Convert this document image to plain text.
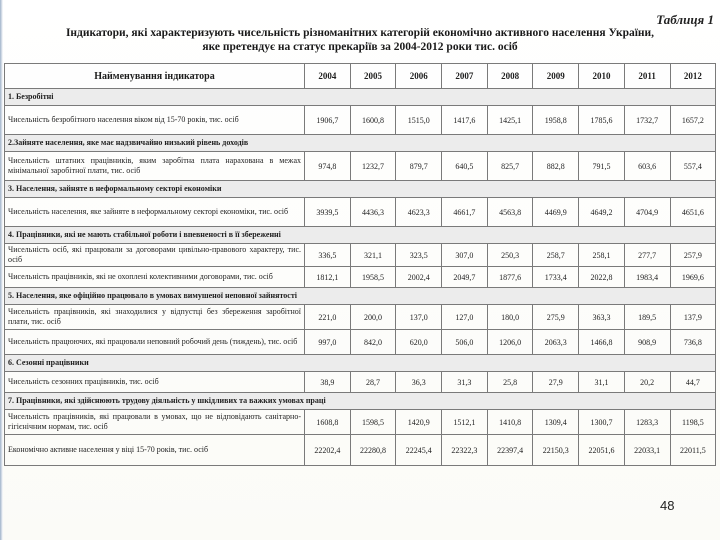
Таблиця 1
Індикатори, які характеризують чисельність різноманітних категорій економічно активного населення України,
яке претендує на статус прекаріїв за 2004-2012 роки тис. осіб
Найменування індикатора	2004	2005	2006	2007	2008	2009	2010	2011	2012
1. Безробітні									
Чисельність безробітного населення віком від 15-70 років, тис. осіб	1906,7	1600,8	1515,0	1417,6	1425,1	1958,8	1785,6	1732,7	1657,2
2.Зайняте населення, яке має надзвичайно низький рівень доходів									
Чисельність штатних працівників, яким заробітна плата нарахована в межах мінімальної заробітної плати, тис. осіб	974,8	1232,7	879,7	640,5	825,7	882,8	791,5	603,6	557,4
3. Населення, зайняте в неформальному секторі економіки									
Чисельність населення, яке зайняте в неформальному секторі економіки, тис. осіб	3939,5	4436,3	4623,3	4661,7	4563,8	4469,9	4649,2	4704,9	4651,6
4. Працівники, які не мають стабільної роботи і впевненості в її збереженні									
Чисельність осіб, які працювали за договорами цивільно-правового характеру, тис. осіб	336,5	321,1	323,5	307,0	250,3	258,7	258,1	277,7	257,9
Чисельність працівників, які не охоплені колективними договорами, тис. осіб	1812,1	1958,5	2002,4	2049,7	1877,6	1733,4	2022,8	1983,4	1969,6
5. Населення, яке офіційно працювало в умовах вимушеної неповної зайнятості									
Чисельність працівників, які знаходилися у відпустці без збереження заробітної плати, тис. осіб	221,0	200,0	137,0	127,0	180,0	275,9	363,3	189,5	137,9
Чисельність працюючих, які працювали неповний робочий день (тиждень), тис. осіб	997,0	842,0	620,0	506,0	1206,0	2063,3	1466,8	908,9	736,8
6. Сезонні працівники									
Чисельність сезонних працівників, тис. осіб	38,9	28,7	36,3	31,3	25,8	27,9	31,1	20,2	44,7
7. Працівники, які здійснюють трудову діяльність у шкідливих та важких умовах праці									
Чисельність працівників, які працювали в умовах, що не відповідають санітарно-гігієнічним нормам, тис. осіб	1608,8	1598,5	1420,9	1512,1	1410,8	1309,4	1300,7	1283,3	1198,5
Економічно активне населення у віці 15-70 років, тис. осіб	22202,4	22280,8	22245,4	22322,3	22397,4	22150,3	22051,6	22033,1	22011,5
48
